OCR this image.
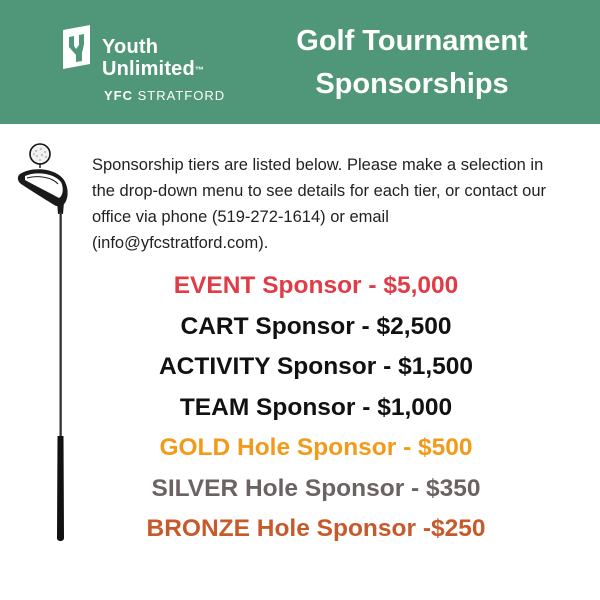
Youth
Unlimited™
YFC STRATFORD
Golf Tournament
Sponsorships
Sponsorship tiers are listed below. Please make a selection in the drop-down menu to see details for each tier, or contact our office via phone (519-272-1614) or email (info@yfcstratford.com).
EVENT Sponsor - $5,000
CART Sponsor - $2,500
ACTIVITY Sponsor - $1,500
TEAM Sponsor - $1,000
GOLD Hole Sponsor - $500
SILVER Hole Sponsor - $350
BRONZE Hole Sponsor -$250
